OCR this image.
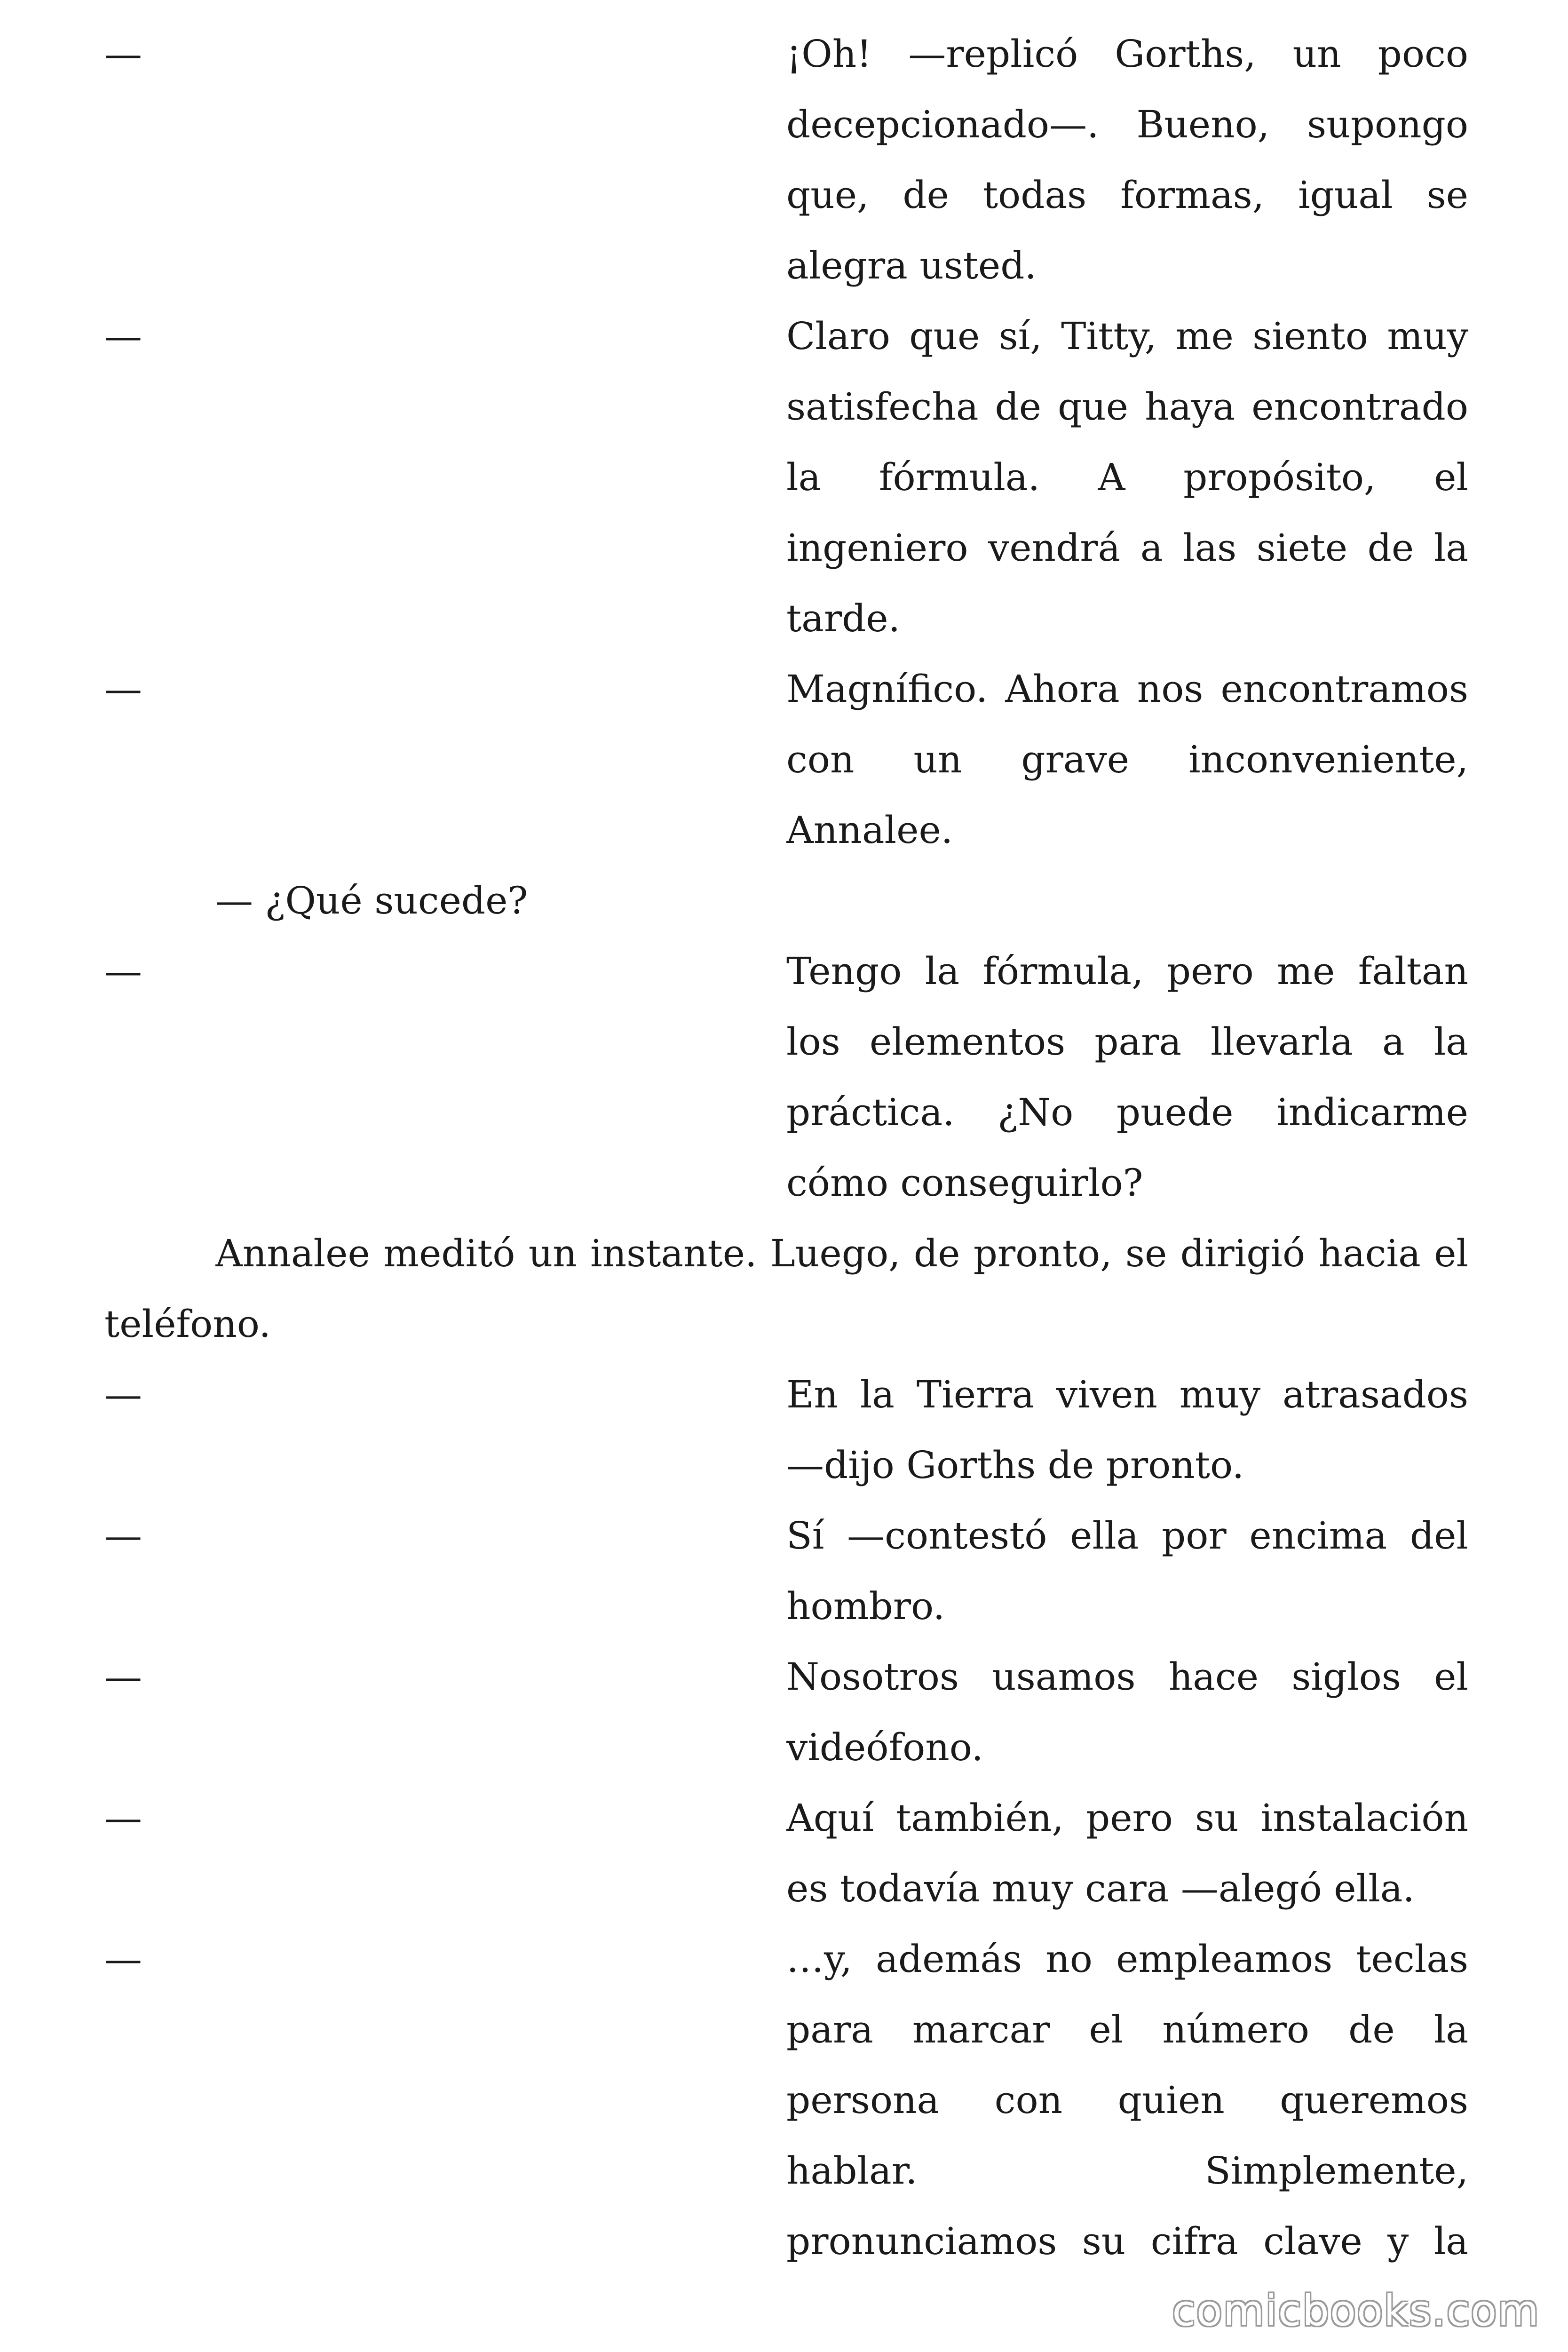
—	¡Oh! —replicó Gorths, un poco
decepcionado—. Bueno, supongo
que, de todas formas, igual se
alegra usted.
—	Claro que sí, Titty, me siento muy
satisfecha de que haya encontrado
la fórmula. A propósito, el
ingeniero vendrá a las siete de la
tarde.
—	Magnífico. Ahora nos encontramos
con un grave inconveniente,
Annalee.
— ¿Qué sucede?
—	Tengo la fórmula, pero me faltan
los elementos para llevarla a la
práctica. ¿No puede indicarme
cómo conseguirlo?
Annalee meditó un instante. Luego, de pronto, se dirigió hacia el
teléfono.
—	En la Tierra viven muy atrasados
—dijo Gorths de pronto.
—	Sí —contestó ella por encima del
hombro.
—	Nosotros usamos hace siglos el
videófono.
—	Aquí también, pero su instalación
es todavía muy cara —alegó ella.
—	…y, además no empleamos teclas
para marcar el número de la
persona con quien queremos
hablar. Simplemente,
pronunciamos su cifra clave y la
comicbooks.com
